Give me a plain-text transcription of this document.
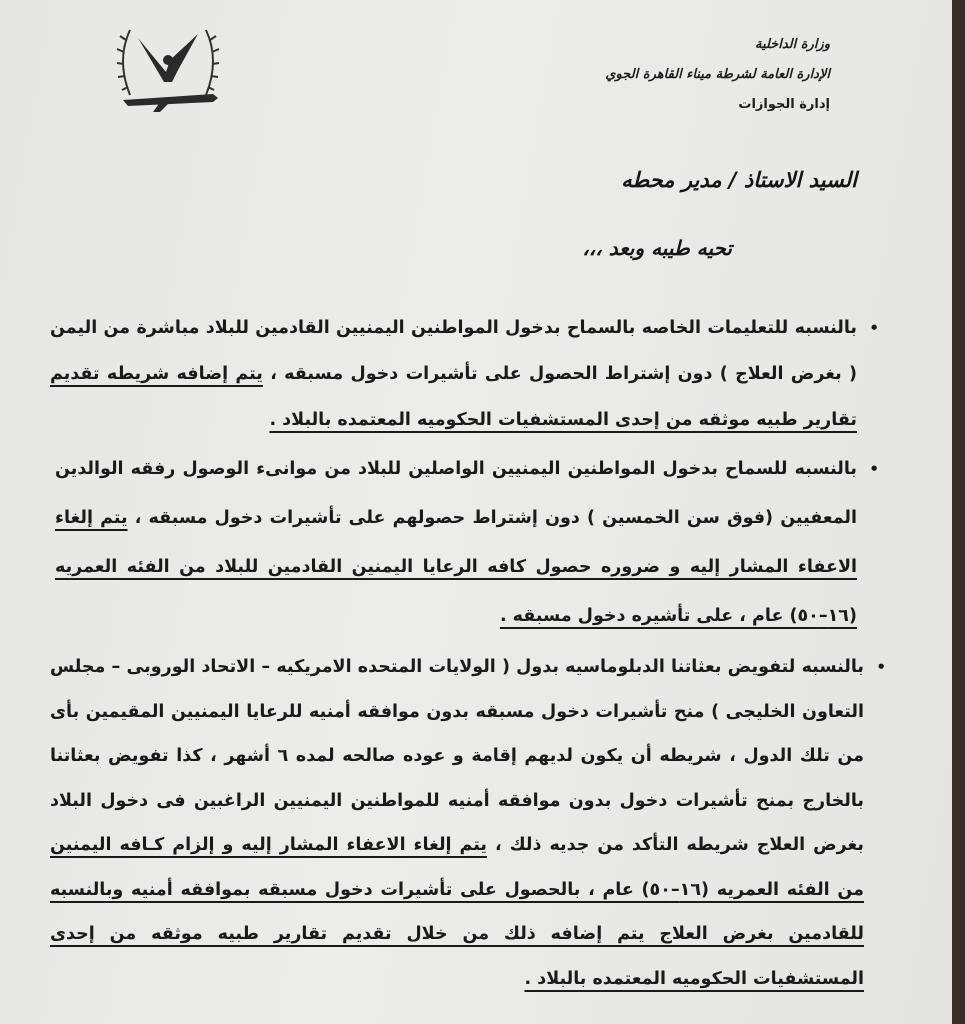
وزارة الداخلية
الإدارة العامة لشرطة ميناء القاهرة الجوي
إدارة الجوازات
السيد الاستاذ / مدير محطه
تحيه طيبه وبعد ،،،
•
بالنسبه للتعليمات الخاصه بالسماح بدخول المواطنين اليمنيين القادمين للبلاد مباشرة من اليمن ( بغرض العلاج ) دون إشتراط الحصول على تأشيرات دخول مسبقه ، يتم إضافه شريطه تقديم تقارير طبيه موثقه من إحدى المستشفيات الحكوميه المعتمده بالبلاد .
•
بالنسبه للسماح بدخول المواطنين اليمنيين الواصلين للبلاد من موانىء الوصول رفقه الوالدين المعفيين (فوق سن الخمسين ) دون إشتراط حصولهم على تأشيرات دخول مسبقه ، يتم إلغاء الاعفاء المشار إليه و ضروره حصول كافه الرعايا اليمنين القادمين للبلاد من الفئه العمريه (١٦–٥٠) عام ، على تأشيره دخول مسبقه .
•
بالنسبه لتفويض بعثاتنا الدبلوماسيه بدول ( الولايات المتحده الامريكيه – الاتحاد الوروبى – مجلس التعاون الخليجى ) منح تأشيرات دخول مسبقه بدون موافقه أمنيه للرعايا اليمنيين المقيمين بأى من تلك الدول ، شريطه أن يكون لديهم إقامة و عوده صالحه لمده ٦ أشهر ، كذا تفويض بعثاتنا بالخارج بمنح تأشيرات دخول بدون موافقه أمنيه للمواطنين اليمنيين الراغبين فى دخول البلاد بغرض العلاج شريطه التأكد من جديه ذلك ، يتم إلغاء الاعفاء المشار إليه و إلزام كـافه اليمنين من الفئه العمريه (١٦–٥٠) عام ، بالحصول على تأشيرات دخول مسبقه بموافقه أمنيه وبالنسبه للقادمين بغرض العلاج يتم إضافه ذلك من خلال تقديم تقارير طبيه موثقه من إحدى المستشفيات الحكوميه المعتمده بالبلاد .
